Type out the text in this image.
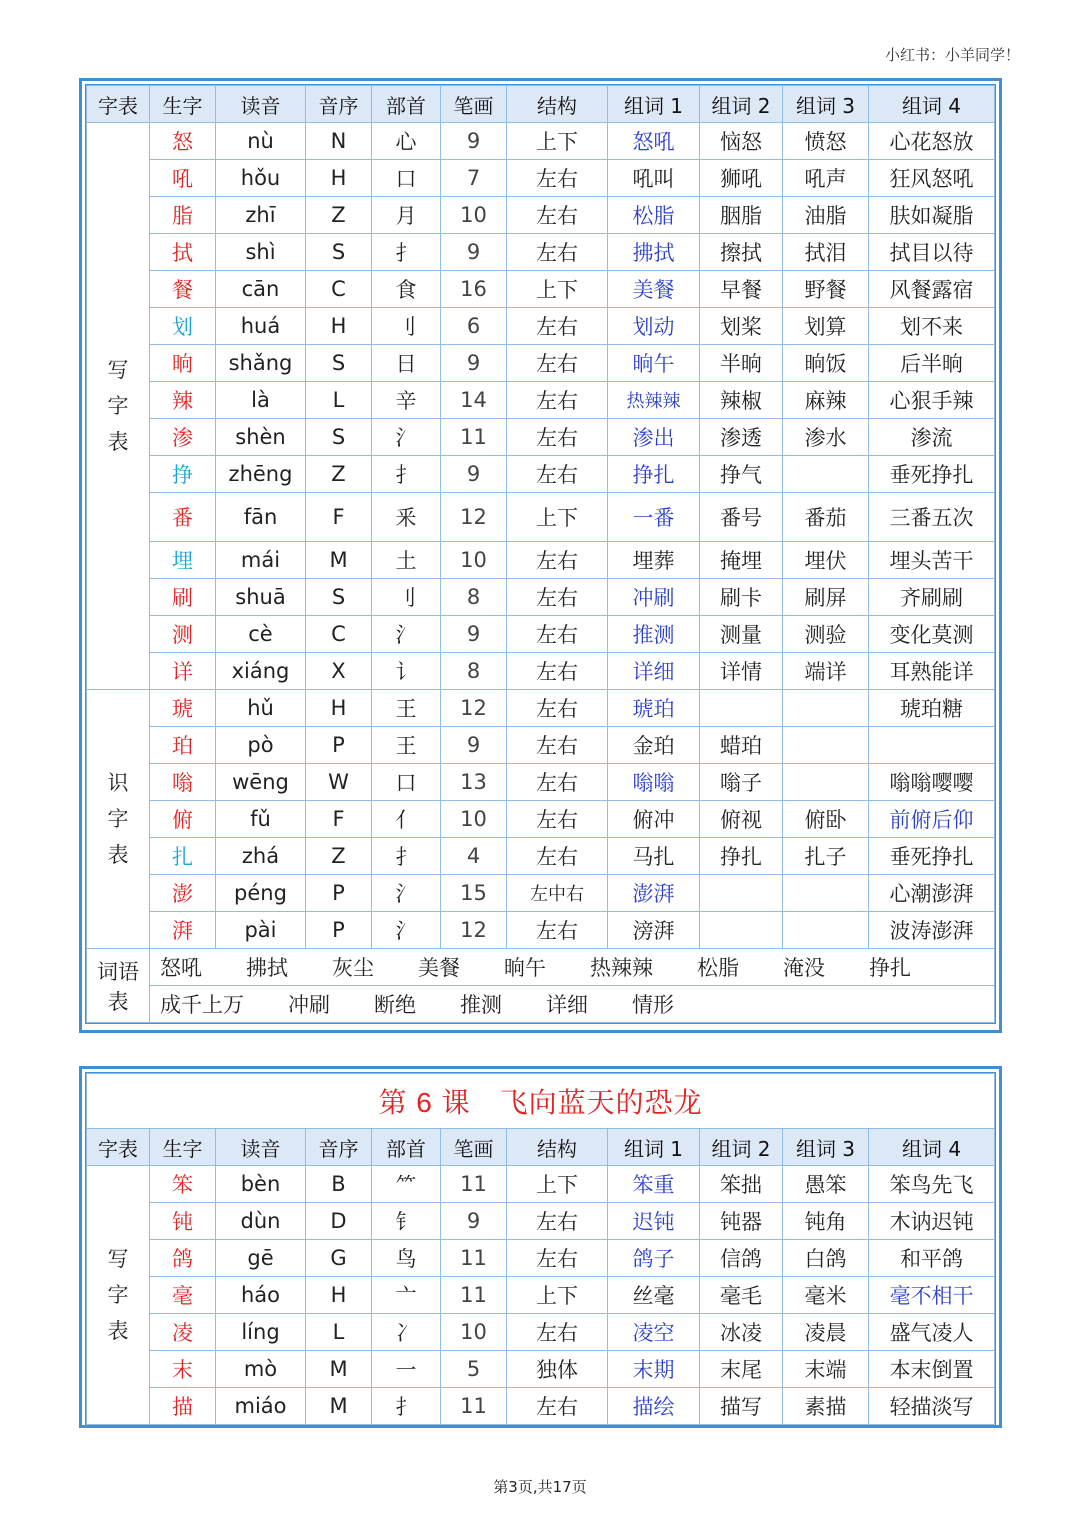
小红书：小羊同学！
字表	生字	读音	音序	部首	笔画	结构	组词 1	组词 2	组词 3	组词 4

写
字
表	怒	nù	N	心	9	上下	怒吼	恼怒	愤怒	心花怒放
	吼	hǒu	H	口	7	左右	吼叫	狮吼	吼声	狂风怒吼
	脂	zhī	Z	月	10	左右	松脂	胭脂	油脂	肤如凝脂
	拭	shì	S	扌	9	左右	拂拭	擦拭	拭泪	拭目以待
	餐	cān	C	食	16	上下	美餐	早餐	野餐	风餐露宿
	划	huá	H	刂	6	左右	划动	划桨	划算	划不来
	晌	shǎng	S	日	9	左右	晌午	半晌	晌饭	后半晌
	辣	là	L	辛	14	左右	热辣辣	辣椒	麻辣	心狠手辣
	渗	shèn	S	氵	11	左右	渗出	渗透	渗水	渗流
	挣	zhēng	Z	扌	9	左右	挣扎	挣气		垂死挣扎
	番	fān	F	釆	12	上下	一番	番号	番茄	三番五次
	埋	mái	M	土	10	左右	埋葬	掩埋	埋伏	埋头苦干
	刷	shuā	S	刂	8	左右	冲刷	刷卡	刷屏	齐刷刷
	测	cè	C	氵	9	左右	推测	测量	测验	变化莫测
	详	xiáng	X	讠	8	左右	详细	详情	端详	耳熟能详

识
字
表	琥	hǔ	H	王	12	左右	琥珀			琥珀糖
	珀	pò	P	王	9	左右	金珀	蜡珀		
	嗡	wēng	W	口	13	左右	嗡嗡	嗡子		嗡嗡嘤嘤
	俯	fǔ	F	亻	10	左右	俯冲	俯视	俯卧	前俯后仰
	扎	zhá	Z	扌	4	左右	马扎	挣扎	扎子	垂死挣扎
	澎	péng	P	氵	15	左中右	澎湃			心潮澎湃
	湃	pài	P	氵	12	左右	滂湃			波涛澎湃

词语
表	怒吼 拂拭 灰尘 美餐 晌午 热辣辣 松脂 淹没 挣扎									
	成千上万 冲刷 断绝 推测 详细 情形									
第 6 课　飞向蓝天的恐龙										
字表	生字	读音	音序	部首	笔画	结构	组词 1	组词 2	组词 3	组词 4

写
字
表	笨	bèn	B	⺮	11	上下	笨重	笨拙	愚笨	笨鸟先飞
	钝	dùn	D	钅	9	左右	迟钝	钝器	钝角	木讷迟钝
	鸽	gē	G	鸟	11	左右	鸽子	信鸽	白鸽	和平鸽
	毫	háo	H	亠	11	上下	丝毫	毫毛	毫米	毫不相干
	凌	líng	L	冫	10	左右	凌空	冰凌	凌晨	盛气凌人
	末	mò	M	一	5	独体	末期	末尾	末端	本末倒置
	描	miáo	M	扌	11	左右	描绘	描写	素描	轻描淡写
第3页,共17页
